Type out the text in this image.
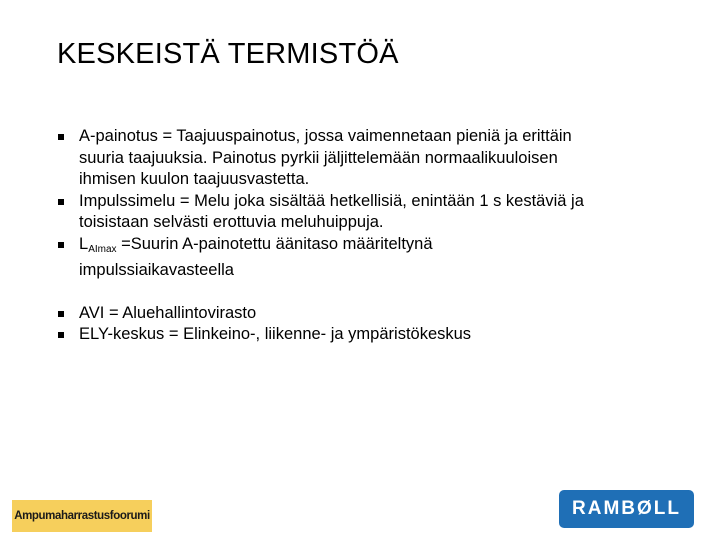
KESKEISTÄ TERMISTÖÄ
A-painotus = Taajuuspainotus, jossa vaimennetaan pieniä ja erittäin
suuria taajuuksia. Painotus pyrkii jäljittelemään normaalikuuloisen
ihmisen kuulon taajuusvastetta.
Impulssimelu = Melu joka sisältää hetkellisiä, enintään 1 s kestäviä ja
toisistaan selvästi erottuvia meluhuippuja.
$L_{AImax}$ =Suurin A-painotettu äänitaso määriteltynä
impulssiaikavasteella
AVI = Aluehallintovirasto
ELY-keskus = Elinkeino-, liikenne- ja ympäristökeskus
Ampumaharrastusfoorumi	RAMBØLL
